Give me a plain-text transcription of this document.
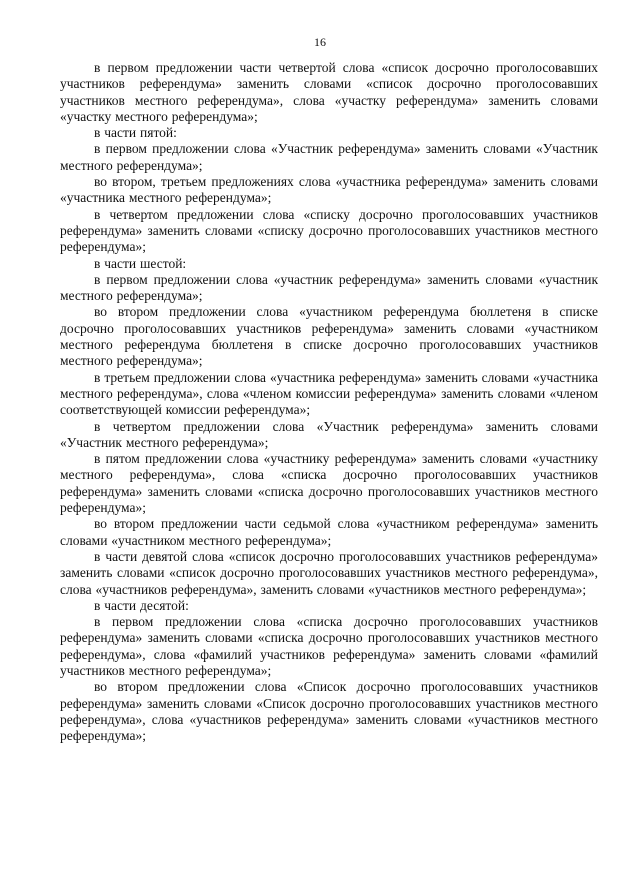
16

в первом предложении части четвертой слова «список досрочно проголосовавших участников референдума» заменить словами «список досрочно проголосовавших участников местного референдума», слова «участку референдума» заменить словами «участку местного референдума»;

в части пятой:

в первом предложении слова «Участник референдума» заменить словами «Участник местного референдума»;

во втором, третьем предложениях слова «участника референдума» заменить словами «участника местного референдума»;

в четвертом предложении слова «списку досрочно проголосовавших участников референдума» заменить словами «списку досрочно проголосовавших участников местного референдума»;

в части шестой:

в первом предложении слова «участник референдума» заменить словами «участник местного референдума»;

во втором предложении слова «участником референдума бюллетеня в списке досрочно проголосовавших участников референдума» заменить словами «участником местного референдума бюллетеня в списке досрочно проголосовавших участников местного референдума»;

в третьем предложении слова «участника референдума» заменить словами «участника местного референдума», слова «членом комиссии референдума» заменить словами «членом соответствующей комиссии референдума»;

в четвертом предложении слова «Участник референдума» заменить словами «Участник местного референдума»;

в пятом предложении слова «участнику референдума» заменить словами «участнику местного референдума», слова «списка досрочно проголосовавших участников референдума» заменить словами «списка досрочно проголосовавших участников местного референдума»;

во втором предложении части седьмой слова «участником референдума» заменить словами «участником местного референдума»;

в части девятой слова «список досрочно проголосовавших участников референдума» заменить словами «список досрочно проголосовавших участников местного референдума», слова «участников референдума», заменить словами «участников местного референдума»;

в части десятой:

в первом предложении слова «списка досрочно проголосовавших участников референдума» заменить словами «списка досрочно проголосовавших участников местного референдума», слова «фамилий участников референдума» заменить словами «фамилий участников местного референдума»;

во втором предложении слова «Список досрочно проголосовавших участников референдума» заменить словами «Список досрочно проголосовавших участников местного референдума», слова «участников референдума» заменить словами «участников местного референдума»;
